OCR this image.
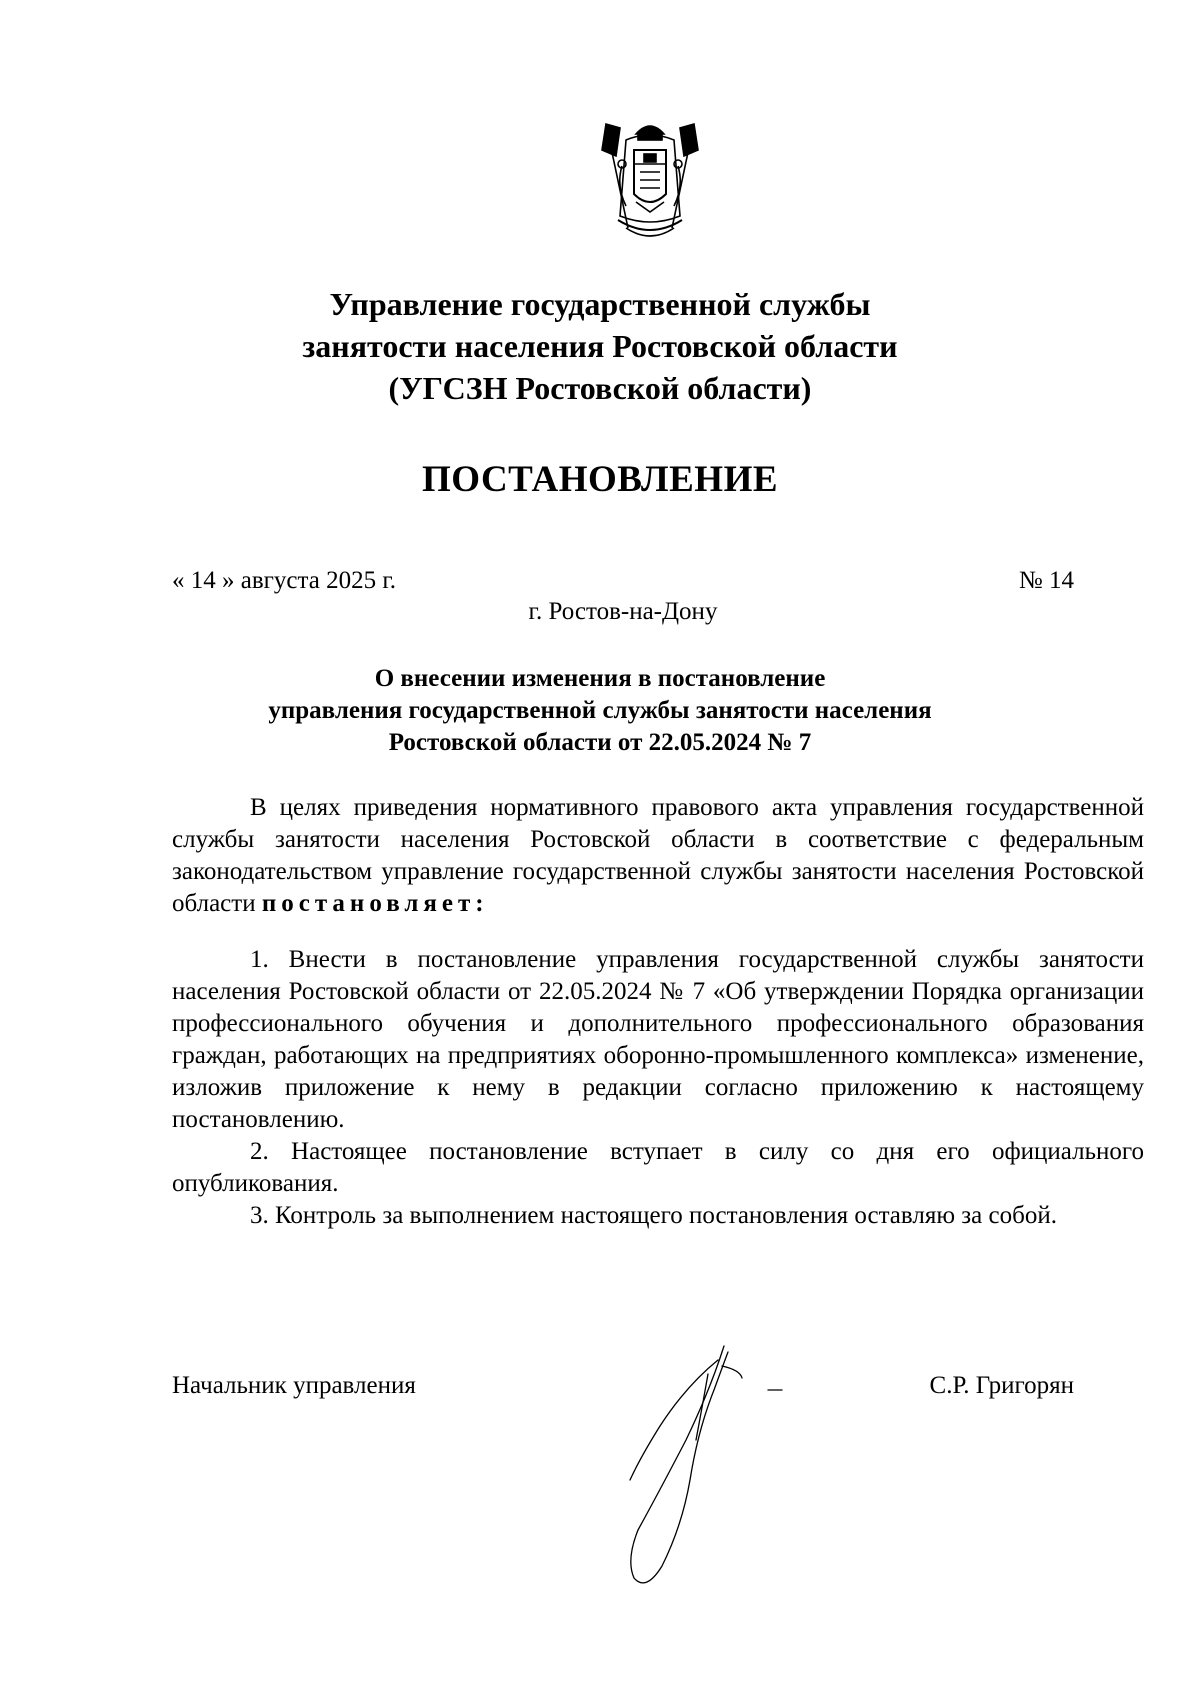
Управление государственной службы
занятости населения Ростовской области
(УГСЗН Ростовской области)
ПОСТАНОВЛЕНИЕ
« 14 » августа 2025 г.	№ 14
г. Ростов-на-Дону
О внесении изменения в постановление
управления государственной службы занятости населения
Ростовской области от 22.05.2024 № 7

В целях приведения нормативного правового акта управления государственной службы занятости населения Ростовской области в соответствие с федеральным законодательством управление государственной службы занятости населения Ростовской области постановляет:

1. Внести в постановление управления государственной службы занятости населения Ростовской области от 22.05.2024 № 7 «Об утверждении Порядка организации профессионального обучения и дополнительного профессионального образования граждан, работающих на предприятиях оборонно-промышленного комплекса» изменение, изложив приложение к нему в редакции согласно приложению к настоящему постановлению.

2. Настоящее постановление вступает в силу со дня его официального опубликования.

3. Контроль за выполнением настоящего постановления оставляю за собой.

Начальник управления	С.Р. Григорян
